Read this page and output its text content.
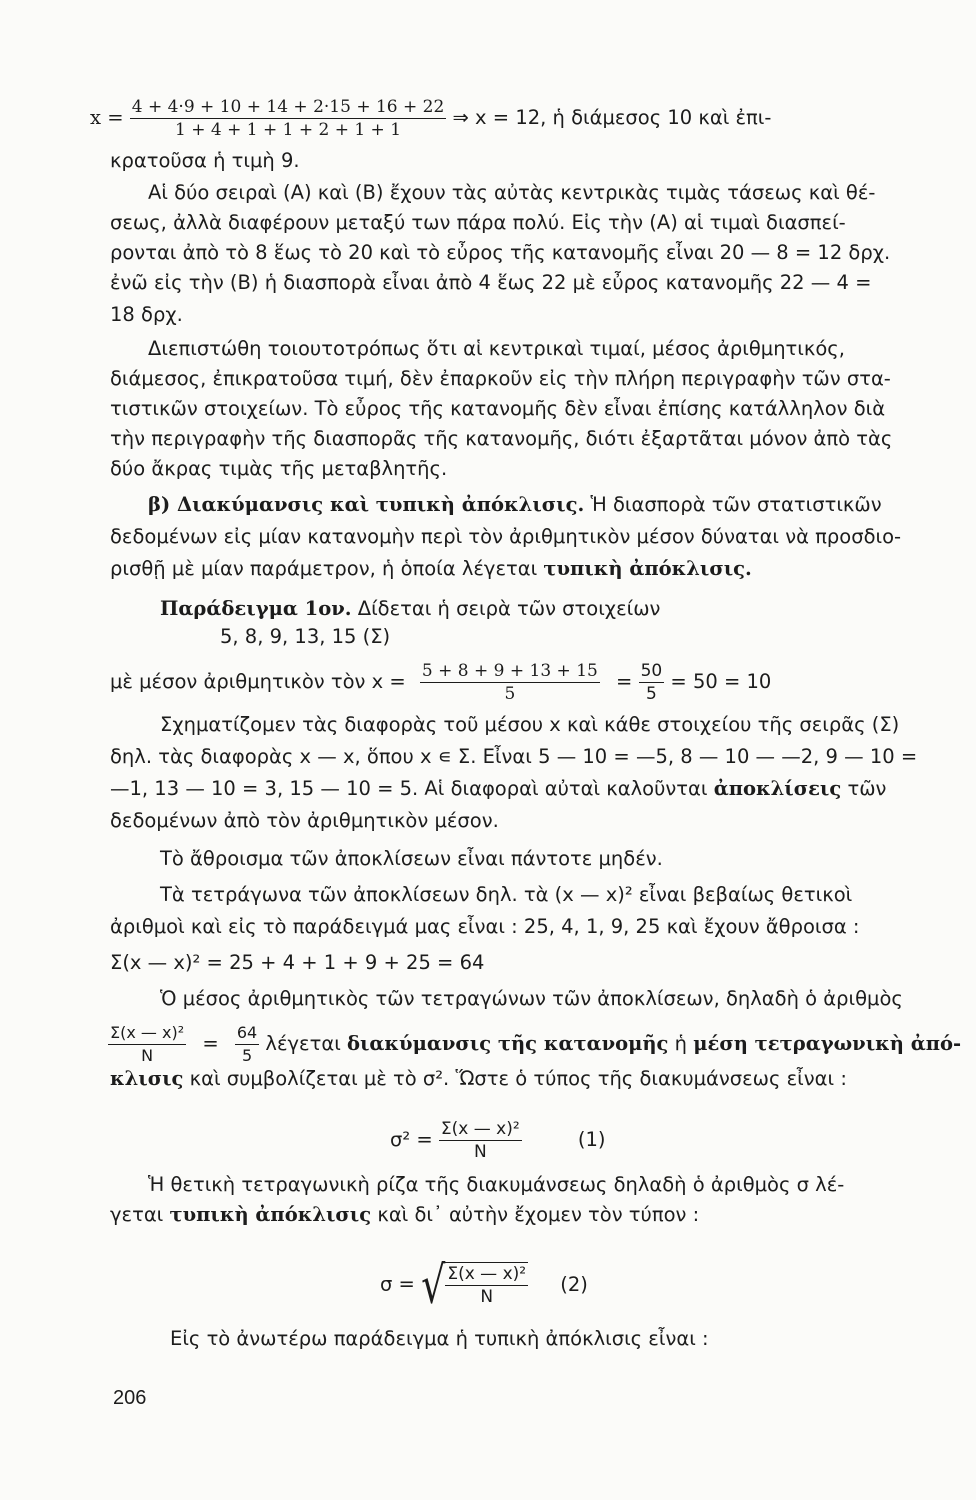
$x = \frac{4 + 4\cdot 9 + 10 + 14 + 2\cdot 15 + 16 + 22}{1 + 4 + 1 + 1 + 2 + 1 + 1}$ ⇒ x = 12, ἡ διάμεσος 10 καὶ ἐπι-
κρατοῦσα ἡ τιμὴ 9.
Αἱ δύο σειραὶ (Α) καὶ (Β) ἔχουν τὰς αὐτὰς κεντρικὰς τιμὰς τάσεως καὶ θέ-
σεως, ἀλλὰ διαφέρουν μεταξύ των πάρα πολύ. Εἰς τὴν (Α) αἱ τιμαὶ διασπεί-
ρονται ἀπὸ τὸ 8 ἕως τὸ 20 καὶ τὸ εὖρος τῆς κατανομῆς εἶναι 20 — 8 = 12 δρχ.
ἐνῶ εἰς τὴν (Β) ἡ διασπορὰ εἶναι ἀπὸ 4 ἕως 22 μὲ εὖρος κατανομῆς 22 — 4 =
18 δρχ.
Διεπιστώθη τοιουτοτρόπως ὅτι αἱ κεντρικαὶ τιμαί, μέσος ἀριθμητικός,
διάμεσος, ἐπικρατοῦσα τιμή, δὲν ἐπαρκοῦν εἰς τὴν πλήρη περιγραφὴν τῶν στα-
τιστικῶν στοιχείων. Τὸ εὖρος τῆς κατανομῆς δὲν εἶναι ἐπίσης κατάλληλον διὰ
τὴν περιγραφὴν τῆς διασπορᾶς τῆς κατανομῆς, διότι ἐξαρτᾶται μόνον ἀπὸ τὰς
δύο ἄκρας τιμὰς τῆς μεταβλητῆς.
β) Διακύμανσις καὶ τυπικὴ ἀπόκλισις. Ἡ διασπορὰ τῶν στατιστικῶν
δεδομένων εἰς μίαν κατανομὴν περὶ τὸν ἀριθμητικὸν μέσον δύναται νὰ προσδιο-
ρισθῇ μὲ μίαν παράμετρον, ἡ ὁποία λέγεται τυπικὴ ἀπόκλισις.
Παράδειγμα 1ον. Δίδεται ἡ σειρὰ τῶν στοιχείων
5, 8, 9, 13, 15 (Σ)
μὲ μέσον ἀριθμητικὸν τὸν $x = \frac{5 + 8 + 9 + 13 + 15}{5} = \frac{50}{5} = 50 = 10$
Σχηματίζομεν τὰς διαφορὰς τοῦ μέσου x καὶ κάθε στοιχείου τῆς σειρᾶς (Σ)
δηλ. τὰς διαφορὰς x — x, ὅπου x ∊ Σ. Εἶναι 5 — 10 = —5, 8 — 10 — —2, 9 — 10 =
—1, 13 — 10 = 3, 15 — 10 = 5. Αἱ διαφοραὶ αὐταὶ καλοῦνται ἀποκλίσεις τῶν
δεδομένων ἀπὸ τὸν ἀριθμητικὸν μέσον.
Τὸ ἄθροισμα τῶν ἀποκλίσεων εἶναι πάντοτε μηδέν.
Τὰ τετράγωνα τῶν ἀποκλίσεων δηλ. τὰ (x — x)² εἶναι βεβαίως θετικοὶ
ἀριθμοὶ καὶ εἰς τὸ παράδειγμά μας εἶναι : 25, 4, 1, 9, 25 καὶ ἔχουν ἄθροισα :
Σ(x — x)² = 25 + 4 + 1 + 9 + 25 = 64
Ὁ μέσος ἀριθμητικὸς τῶν τετραγώνων τῶν ἀποκλίσεων, δηλαδὴ ὁ ἀριθμὸς
$\frac{\text{Σ(x — x)²}}{N} = \frac{64}{5}$ λέγεται διακύμανσις τῆς κατανομῆς ἡ μέση τετραγωνικὴ ἀπό-
κλισις καὶ συμβολίζεται μὲ τὸ σ². Ὥστε ὁ τύπος τῆς διακυμάνσεως εἶναι :
$\sigma^2 = \frac{\text{Σ(x — x)²}}{N}$	(1)
Ἡ θετικὴ τετραγωνικὴ ρίζα τῆς διακυμάνσεως δηλαδὴ ὁ ἀριθμὸς σ λέ-
γεται τυπικὴ ἀπόκλισις καὶ δι᾿ αὐτὴν ἔχομεν τὸν τύπον :
σ = √ $\frac{\text{Σ(x — x)²}}{N} (2)$
Εἰς τὸ ἀνωτέρω παράδειγμα ἡ τυπικὴ ἀπόκλισις εἶναι :
206
